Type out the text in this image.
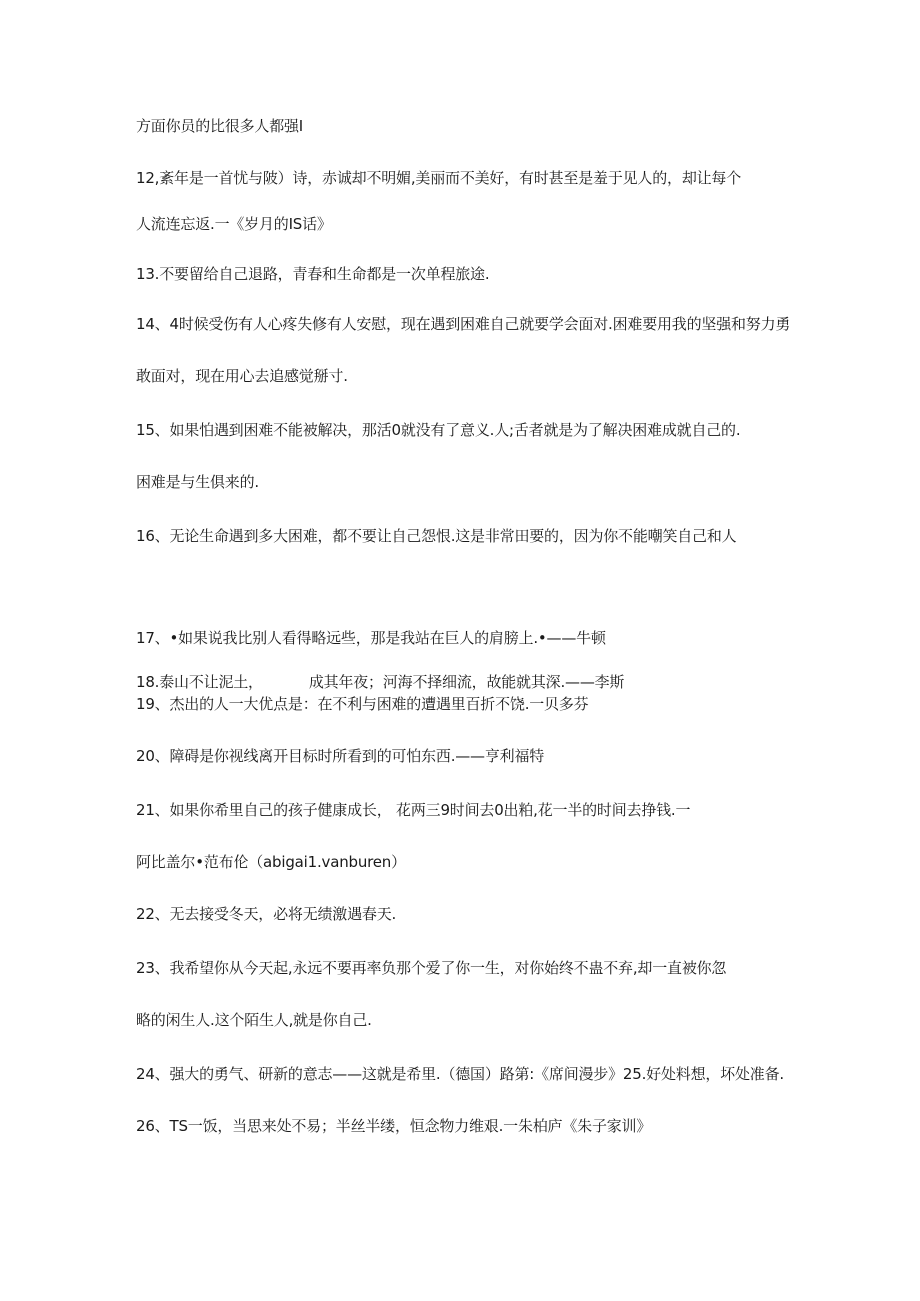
方面你员的比很多人都强I

12,紊年是一首忧与陂）诗，赤诚却不明媚,美丽而不美好，有时甚至是羞于见人的，却让每个

人流连忘返.一《岁月的IS话》

13.不要留给自己退路，青春和生命都是一次单程旅途.

14、4时候受伤有人心疼失修有人安慰，现在遇到困难自己就要学会面对.困难要用我的坚强和努力勇

敢面对，现在用心去追感觉掰寸.

15、如果怕遇到困难不能被解决，那活0就没有了意义.人;舌者就是为了解决困难成就自己的.

困难是与生俱来的.

16、无论生命遇到多大困难，都不要让自己怨恨.这是非常田要的，因为你不能嘲笑自己和人

17、•如果说我比别人看得略远些，那是我站在巨人的肩膀上.•——牛顿

18.泰山不让泥土，	成其年夜；河海不择细流，故能就其深.——李斯

19、杰出的人一大优点是：在不利与困难的遭遇里百折不饶.一贝多芬

20、障碍是你视线离开目标时所看到的可怕东西.——亨利福特

21、如果你希里自己的孩子健康成长， 花两三9时间去0出粕,花一半的时间去挣钱.一

阿比盖尔•范布伦（abigai1.vanburen）

22、无去接受冬天，必将无绩激遇春天.

23、我希望你从今天起,永远不要再率负那个爱了你一生，对你始终不蛊不弃,却一直被你忽

略的闲生人.这个陌生人,就是你自己.

24、强大的勇气、研新的意志——这就是希里.（德国）路第:《席间漫步》25.好处料想，坏处准备.

26、TS一饭，当思来处不易；半丝半缕，恒念物力维艰.一朱柏庐《朱子家训》
